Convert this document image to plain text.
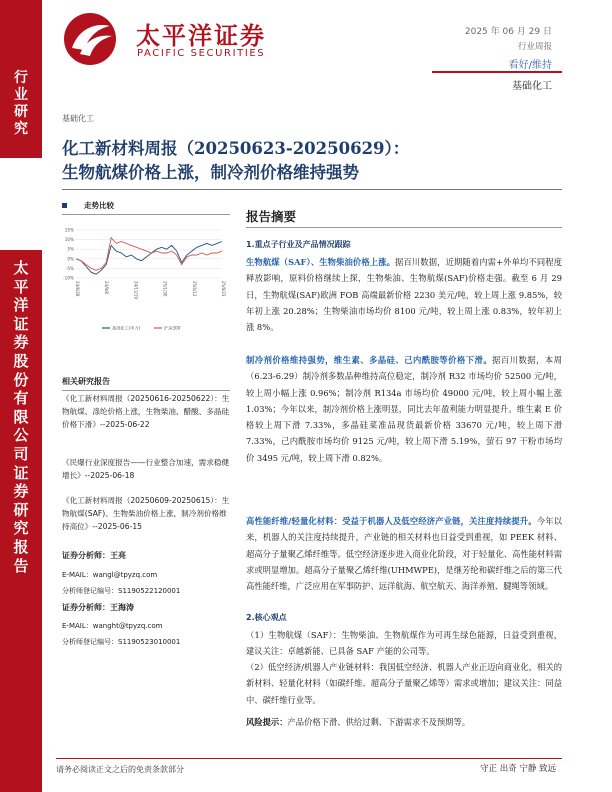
行
业
研
究
太
平
洋
证
券
股
份
有
限
公
司
证
券
研
究
报
告
太平洋证券
PACIFIC SECURITIES
2025 年 06 月 29 日
行业周报
看好/维持
基础化工
基础化工
化工新材料周报（20250623-20250629）：
生物航煤价格上涨，制冷剂价格维持强势
走势比较
15%
10%
5%
0%
-5%
-10%
24/6/28	24/9/8	24/11/19	25/1/30	25/4/12	25/6/23
基础化工(申万)	沪深300
相关研究报告
《化工新材料周报（20250616-20250622）：生物航煤、涤纶价格上涨，生物柴油、醋酸、多晶硅价格下滑》--2025-06-22
《民爆行业深度报告——行业整合加速，需求稳健增长》--2025-06-18
《化工新材料周报（20250609-20250615）：生物航煤(SAF)、生物柴油价格上涨，制冷剂价格维持高位》--2025-06-15
证券分析师：王亮
E-MAIL：wangl@tpyzq.com
分析师登记编号：S1190522120001
证券分析师：王海涛
E-MAIL：wanght@tpyzq.com
分析师登记编号：S1190523010001
报告摘要
1.重点子行业及产品情况跟踪
生物航煤（SAF）、生物柴油价格上涨。据百川数据，近期随着内需+外单均不同程度释放影响，原料价格继续上探，生物柴油、生物航煤(SAF)价格走强。截至 6 月 29 日，生物航煤(SAF)欧洲 FOB 高端最新价格 2230 美元/吨，较上周上涨 9.85%，较年初上涨 20.28%；生物柴油市场均价 8100 元/吨，较上周上涨 0.83%，较年初上涨 8%。
制冷剂价格维持强势，维生素、多晶硅、己内酰胺等价格下滑。据百川数据，本周（6.23-6.29）制冷剂多数品种维持高位稳定，制冷剂 R32 市场均价 52500 元/吨，较上周小幅上涨 0.96%；制冷剂 R134a 市场均价 49000 元/吨，较上周小幅上涨 1.03%；今年以来，制冷剂价格上涨明显，同比去年盈利能力明显提升。维生素 E 价格较上周下滑 7.33%，多晶硅菜准品现货最新价格 33670 元/吨，较上周下滑 7.33%，己内酰胺市场均价 9125 元/吨，较上周下滑 5.19%，萤石 97 干粉市场均价 3495 元/吨，较上周下滑 0.82%。
高性能纤维/轻量化材料：受益于机器人及低空经济产业链，关注度持续提升。今年以来，机器人的关注度持续提升，产业链的相关材料也日益受到重视，如 PEEK 材料、超高分子量聚乙烯纤维等。低空经济逐步进入商业化阶段，对于轻量化、高性能材料需求或明显增加。超高分子量聚乙烯纤维(UHMWPE)，是继芳纶和碳纤维之后的第三代高性能纤维，广泛应用在军事防护、远洋航海、航空航天、海洋养殖、腱绳等领域。
2.核心观点
（1）生物航煤（SAF）：生物柴油、生物航煤作为可再生绿色能源，日益受到重视，建议关注：卓越新能、已具备 SAF 产能的公司等。
（2）低空经济/机器人产业链材料：我国低空经济、机器人产业正迈向商业化，相关的新材料、轻量化材料（如碳纤维、超高分子量聚乙烯等）需求或增加；建议关注：同益中、碳纤维行业等。
风险提示：产品价格下滑、供给过剩、下游需求不及预期等。
请务必阅读正文之后的免责条款部分	守正 出奇 宁静 致远
